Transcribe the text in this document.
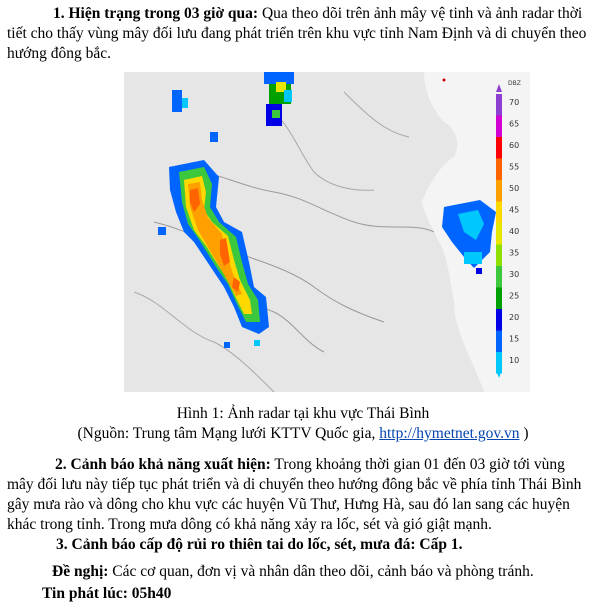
1. Hiện trạng trong 03 giờ qua: Qua theo dõi trên ảnh mây vệ tinh và ảnh radar thời
tiết cho thấy vùng mây đối lưu đang phát triển trên khu vực tỉnh Nam Định và di chuyển theo
hướng đông bắc.
DBZ
70
65
60
55
50
45
40
35
30
25
20
15
10
Hình 1: Ảnh radar tại khu vực Thái Bình
(Nguồn: Trung tâm Mạng lưới KTTV Quốc gia, http://hymetnet.gov.vn )
2. Cảnh báo khả năng xuất hiện: Trong khoảng thời gian 01 đến 03 giờ tới vùng
mây đối lưu này tiếp tục phát triển và di chuyển theo hướng đông bắc về phía tỉnh Thái Bình
gây mưa rào và dông cho khu vực các huyện Vũ Thư, Hưng Hà, sau đó lan sang các huyện
khác trong tỉnh. Trong mưa dông có khả năng xảy ra lốc, sét và gió giật mạnh.
3. Cảnh báo cấp độ rủi ro thiên tai do lốc, sét, mưa đá: Cấp 1.
Đề nghị: Các cơ quan, đơn vị và nhân dân theo dõi, cảnh báo và phòng tránh.
Tin phát lúc: 05h40
